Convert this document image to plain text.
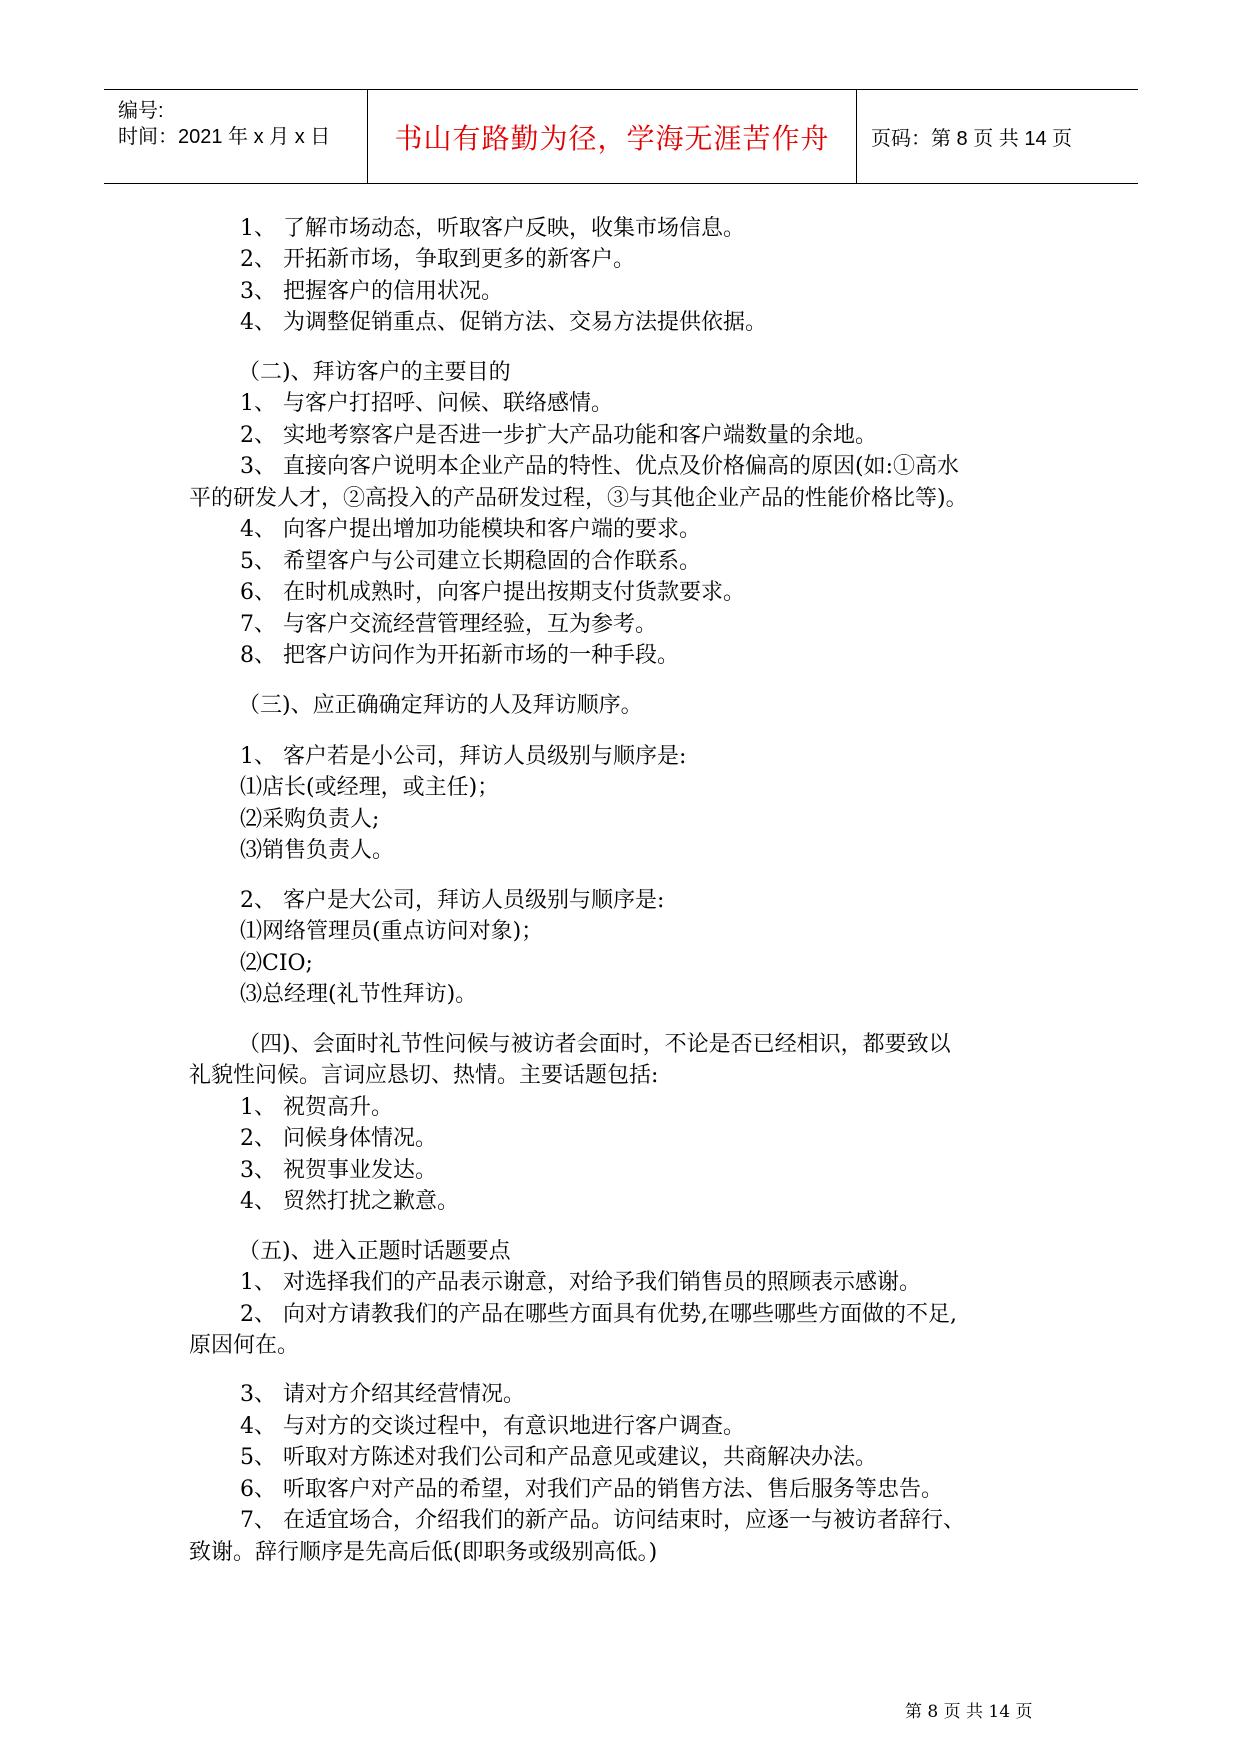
编号:
时间：2021 年 x 月 x 日 书山有路勤为径，学海无涯苦作舟 页码：第 8 页 共 14 页
1、 了解市场动态，听取客户反映，收集市场信息。
2、 开拓新市场，争取到更多的新客户。
3、 把握客户的信用状况。
4、 为调整促销重点、促销方法、交易方法提供依据。
（二)、拜访客户的主要目的
1、 与客户打招呼、问候、联络感情。
2、 实地考察客户是否进一步扩大产品功能和客户端数量的余地。
3、 直接向客户说明本企业产品的特性、优点及价格偏高的原因(如:①高水
平的研发人才，②高投入的产品研发过程，③与其他企业产品的性能价格比等)。
4、 向客户提出增加功能模块和客户端的要求。
5、 希望客户与公司建立长期稳固的合作联系。
6、 在时机成熟时，向客户提出按期支付货款要求。
7、 与客户交流经营管理经验，互为参考。
8、 把客户访问作为开拓新市场的一种手段。
（三)、应正确确定拜访的人及拜访顺序。
1、 客户若是小公司，拜访人员级别与顺序是:
⑴店长(或经理，或主任)；
⑵采购负责人;
⑶销售负责人。
2、 客户是大公司，拜访人员级别与顺序是:
⑴网络管理员(重点访问对象)；
⑵CIO;
⑶总经理(礼节性拜访)。
（四)、会面时礼节性问候与被访者会面时，不论是否已经相识，都要致以
礼貌性问候。言词应恳切、热情。主要话题包括:
1、 祝贺高升。
2、 问候身体情况。
3、 祝贺事业发达。
4、 贸然打扰之歉意。
（五)、进入正题时话题要点
1、 对选择我们的产品表示谢意，对给予我们销售员的照顾表示感谢。
2、 向对方请教我们的产品在哪些方面具有优势,在哪些哪些方面做的不足,
原因何在。
3、 请对方介绍其经营情况。
4、 与对方的交谈过程中，有意识地进行客户调查。
5、 听取对方陈述对我们公司和产品意见或建议，共商解决办法。
6、 听取客户对产品的希望，对我们产品的销售方法、售后服务等忠告。
7、 在适宜场合，介绍我们的新产品。访问结束时，应逐一与被访者辞行、
致谢。辞行顺序是先高后低(即职务或级别高低。)
第 8 页 共 14 页
